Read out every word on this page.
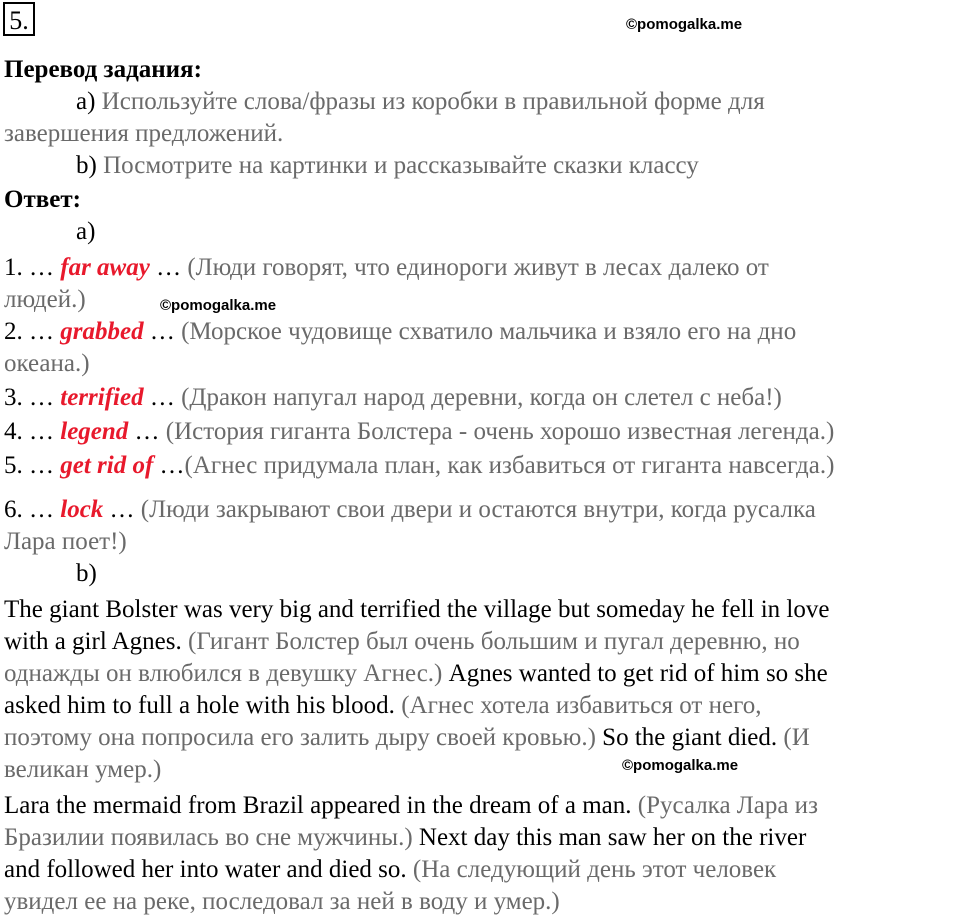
5.	©pomogalka.me
Перевод задания:
a) Используйте слова/фразы из коробки в правильной форме для
завершения предложений.
b) Посмотрите на картинки и рассказывайте сказки классу
Ответ:
a)
1. … far away … (Люди говорят, что единороги живут в лесах далеко от
людей.)	©pomogalka.me
2. … grabbed … (Морское чудовище схватило мальчика и взяло его на дно
океана.)
3. … terrified … (Дракон напугал народ деревни, когда он слетел с неба!)
4. … legend … (История гиганта Болстера - очень хорошо известная легенда.)
5. … get rid of …(Агнес придумала план, как избавиться от гиганта навсегда.)
6. … lock … (Люди закрывают свои двери и остаются внутри, когда русалка
Лара поет!)
b)
The giant Bolster was very big and terrified the village but someday he fell in love
with a girl Agnes. (Гигант Болстер был очень большим и пугал деревню, но
однажды он влюбился в девушку Агнес.) Agnes wanted to get rid of him so she
asked him to full a hole with his blood. (Агнес хотела избавиться от него,
поэтому она попросила его залить дыру своей кровью.) So the giant died. (И
великан умер.)	©pomogalka.me
Lara the mermaid from Brazil appeared in the dream of a man. (Русалка Лара из
Бразилии появилась во сне мужчины.) Next day this man saw her on the river
and followed her into water and died so. (На следующий день этот человек
увидел ее на реке, последовал за ней в воду и умер.)
